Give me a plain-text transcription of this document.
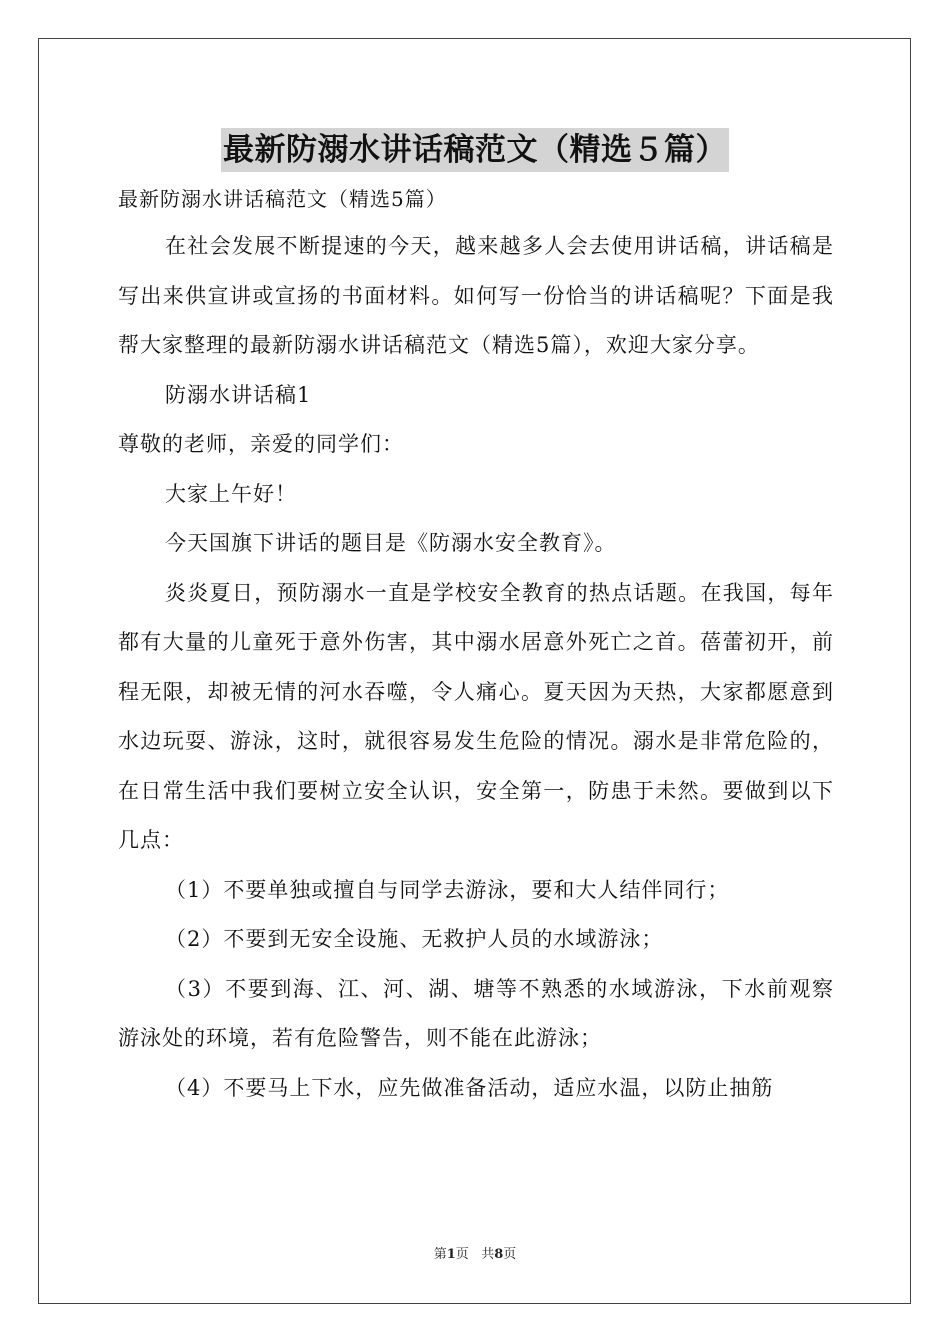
最新防溺水讲话稿范文（精选５篇）

最新防溺水讲话稿范文（精选5篇）

在社会发展不断提速的今天，越来越多人会去使用讲话稿，讲话稿是写出来供宣讲或宣扬的书面材料。如何写一份恰当的讲话稿呢？下面是我帮大家整理的最新防溺水讲话稿范文（精选5篇），欢迎大家分享。

防溺水讲话稿1

尊敬的老师，亲爱的同学们：

大家上午好！

今天国旗下讲话的题目是《防溺水安全教育》。

炎炎夏日，预防溺水一直是学校安全教育的热点话题。在我国，每年都有大量的儿童死于意外伤害，其中溺水居意外死亡之首。蓓蕾初开，前程无限，却被无情的河水吞噬，令人痛心。夏天因为天热，大家都愿意到水边玩耍、游泳，这时，就很容易发生危险的情况。溺水是非常危险的，在日常生活中我们要树立安全认识，安全第一，防患于未然。要做到以下几点：

（1）不要单独或擅自与同学去游泳，要和大人结伴同行；

（2）不要到无安全设施、无救护人员的水域游泳；

（3）不要到海、江、河、湖、塘等不熟悉的水域游泳，下水前观察游泳处的环境，若有危险警告，则不能在此游泳；

（4）不要马上下水，应先做准备活动，适应水温，以防止抽筋

第1页 共8页
